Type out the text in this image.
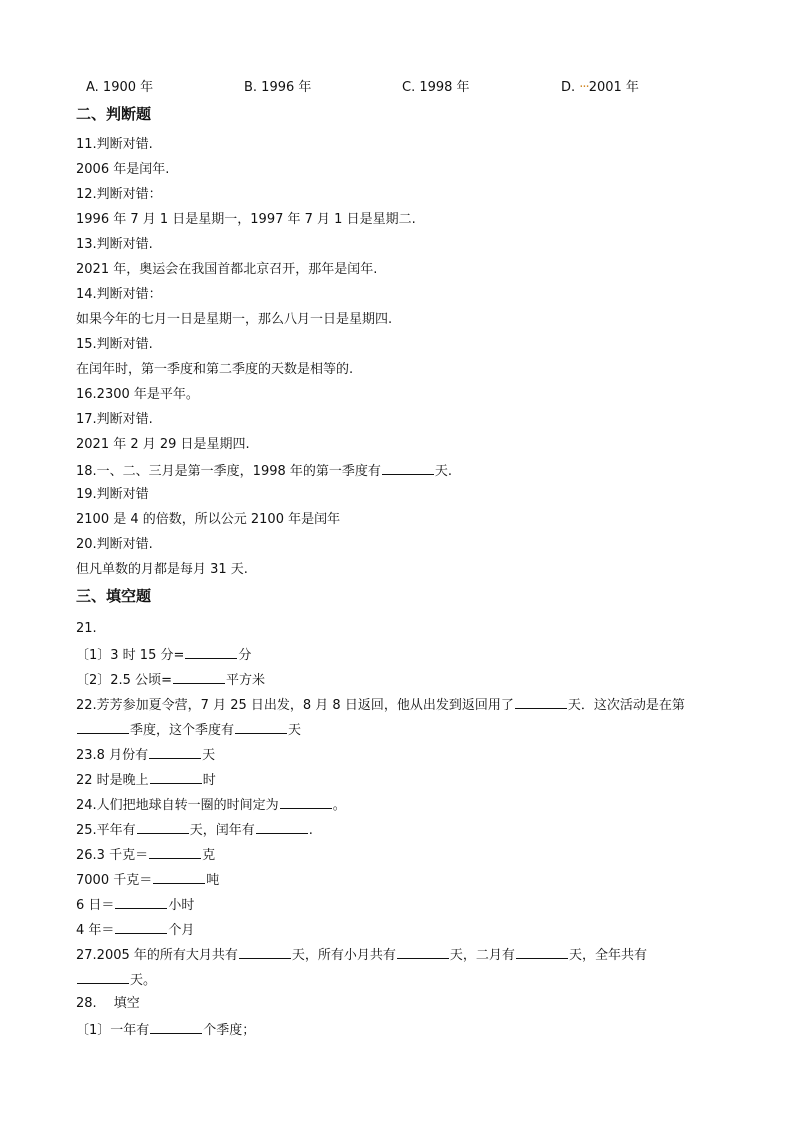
A. 1900 年	B. 1996 年	C. 1998 年	D. ···2001 年
二、判断题
11.判断对错.
2006 年是闰年.
12.判断对错：
1996 年 7 月 1 日是星期一，1997 年 7 月 1 日是星期二.
13.判断对错.
2021 年，奥运会在我国首都北京召开，那年是闰年.
14.判断对错：
如果今年的七月一日是星期一，那么八月一日是星期四.
15.判断对错.
在闰年时，第一季度和第二季度的天数是相等的.
16.2300 年是平年。
17.判断对错.
2021 年 2 月 29 日是星期四.
18.一、二、三月是第一季度，1998 年的第一季度有	天.
19.判断对错
2100 是 4 的倍数，所以公元 2100 年是闰年
20.判断对错.
但凡单数的月都是每月 31 天.
三、填空题
21.
〔1〕3 时 15 分=	分
〔2〕2.5 公顷=	平方米
22.芳芳参加夏令营，7 月 25 日出发，8 月 8 日返回，他从出发到返回用了	天．这次活动是在第
季度，这个季度有	天
23.8 月份有	天
22 时是晚上	时
24.人们把地球自转一圈的时间定为	。
25.平年有	天，闰年有	.
26.3 千克＝	克
7000 千克＝	吨
6 日＝	小时
4 年＝	个月
27.2005 年的所有大月共有	天，所有小月共有	天，二月有	天，全年共有
天。
28.　 填空
〔1〕一年有	个季度；
